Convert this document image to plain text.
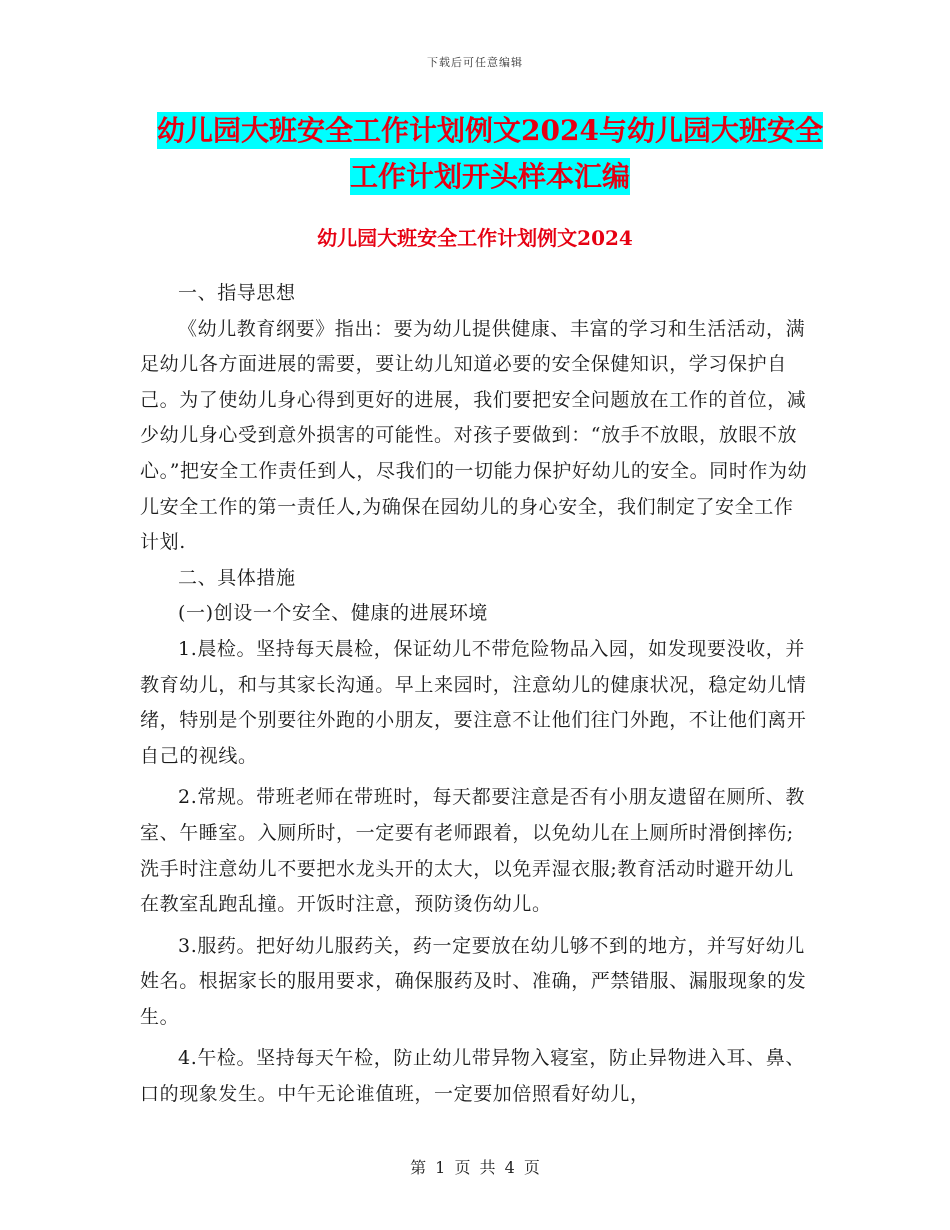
下载后可任意编辑
幼儿园大班安全工作计划例文2024与幼儿园大班安全
工作计划开头样本汇编
幼儿园大班安全工作计划例文2024

一、指导思想

《幼儿教育纲要》指出：要为幼儿提供健康、丰富的学习和生活活动，满足幼儿各方面进展的需要，要让幼儿知道必要的安全保健知识，学习保护自己。为了使幼儿身心得到更好的进展，我们要把安全问题放在工作的首位，减少幼儿身心受到意外损害的可能性。对孩子要做到：“放手不放眼，放眼不放心。”把安全工作责任到人，尽我们的一切能力保护好幼儿的安全。同时作为幼儿安全工作的第一责任人,为确保在园幼儿的身心安全，我们制定了安全工作计划.

二、具体措施

(一)创设一个安全、健康的进展环境

1.晨检。坚持每天晨检，保证幼儿不带危险物品入园，如发现要没收，并教育幼儿，和与其家长沟通。早上来园时，注意幼儿的健康状况，稳定幼儿情绪，特别是个别要往外跑的小朋友，要注意不让他们往门外跑，不让他们离开自己的视线。

2.常规。带班老师在带班时，每天都要注意是否有小朋友遗留在厕所、教室、午睡室。入厕所时，一定要有老师跟着，以免幼儿在上厕所时滑倒摔伤;洗手时注意幼儿不要把水龙头开的太大，以免弄湿衣服;教育活动时避开幼儿在教室乱跑乱撞。开饭时注意，预防烫伤幼儿。

3.服药。把好幼儿服药关，药一定要放在幼儿够不到的地方，并写好幼儿姓名。根据家长的服用要求，确保服药及时、准确，严禁错服、漏服现象的发生。

4.午检。坚持每天午检，防止幼儿带异物入寝室，防止异物进入耳、鼻、口的现象发生。中午无论谁值班，一定要加倍照看好幼儿，

第 1 页 共 4 页
